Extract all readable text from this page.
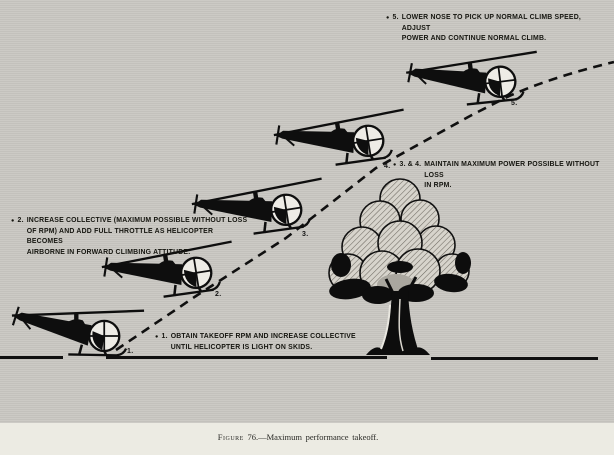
1.
2.
3.
4.
5.
● 5. LOWER NOSE TO PICK UP NORMAL CLIMB SPEED, ADJUST
POWER AND CONTINUE NORMAL CLIMB.
● 3. & 4. MAINTAIN MAXIMUM POWER POSSIBLE WITHOUT LOSS
IN RPM.
● 2. INCREASE COLLECTIVE (MAXIMUM POSSIBLE WITHOUT LOSS
OF RPM) AND ADD FULL THROTTLE AS HELICOPTER BECOMES
AIRBORNE IN FORWARD CLIMBING ATTITUDE.
● 1. OBTAIN TAKEOFF RPM AND INCREASE COLLECTIVE
UNTIL HELICOPTER IS LIGHT ON SKIDS.
Figure 76.—Maximum performance takeoff.
